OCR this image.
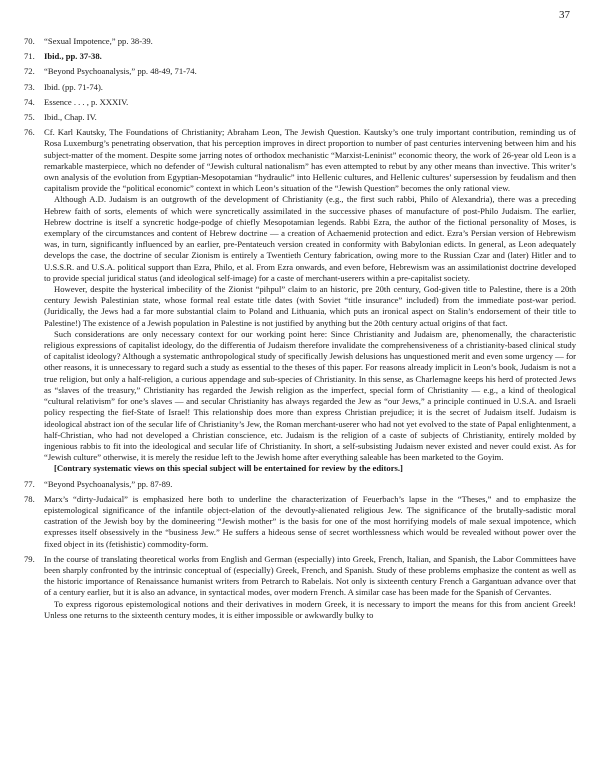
37
70.	“Sexual Impotence,” pp. 38-39.

71.	Ibid., pp. 37-38.

72.	“Beyond Psychoanalysis,” pp. 48-49, 71-74.

73.	Ibid. (pp. 71-74).

74.	Essence . . . , p. XXXIV.

75.	Ibid., Chap. IV.

76.	Cf. Karl Kautsky, The Foundations of Christianity; Abraham Leon, The Jewish Question. Kautsky’s one truly important contribution, reminding us of Rosa Luxemburg’s penetrating observation, that his perception improves in direct proportion to number of past centuries intervening between him and his subject-matter of the moment. Despite some jarring notes of orthodox mechanistic “Marxist-Leninist” economic theory, the work of 26-year old Leon is a remarkable masterpiece, which no defender of “Jewish cultural nationalism” has even attempted to rebut by any other means than invective. This writer’s own analysis of the evolution from Egyptian-Mesopotamian “hydraulic” into Hellenic cultures, and Hellenic cultures’ supersession by feudalism and then capitalism provide the “political economic” context in which Leon’s situation of the “Jewish Question” becomes the only rational view.

Although A.D. Judaism is an outgrowth of the development of Christianity (e.g., the first such rabbi, Philo of Alexandria), there was a preceding Hebrew faith of sorts, elements of which were syncretically assimilated in the successive phases of manufacture of post-Philo Judaism. The earlier, Hebrew doctrine is itself a syncretic hodge-podge of chiefly Mesopotamian legends. Rabbi Ezra, the author of the fictional personality of Moses, is exemplary of the circumstances and content of Hebrew doctrine — a creation of Achaemenid protection and edict. Ezra’s Persian version of Hebrewism was, in turn, significantly influenced by an earlier, pre-Pentateuch version created in conformity with Babylonian edicts. In general, as Leon adequately develops the case, the doctrine of secular Zionism is entirely a Twentieth Century fabrication, owing more to the Russian Czar and (later) Hitler and to U.S.S.R. and U.S.A. political support than Ezra, Philo, et al. From Ezra onwards, and even before, Hebrewism was an assimilationist doctrine developed to provide special juridical status (and ideological self-image) for a caste of merchant-userers within a pre-capitalist society.

However, despite the hysterical imbecility of the Zionist “pihpul” claim to an historic, pre 20th century, God-given title to Palestine, there is a 20th century Jewish Palestinian state, whose formal real estate title dates (with Soviet “title insurance” included) from the immediate post-war period. (Juridically, the Jews had a far more substantial claim to Poland and Lithuania, which puts an ironical aspect on Stalin’s endorsement of their title to Palestine!) The existence of a Jewish population in Palestine is not justified by anything but the 20th century actual origins of that fact.

Such considerations are only necessary context for our working point here: Since Christianity and Judaism are, phenomenally, the characteristic religious expressions of capitalist ideology, do the differentia of Judaism therefore invalidate the comprehensiveness of a christianity-based clinical study of capitalist ideology? Although a systematic anthropological study of specifically Jewish delusions has unquestioned merit and even some urgency — for other reasons, it is unnecessary to regard such a study as essential to the theses of this paper. For reasons already implicit in Leon’s book, Judaism is not a true religion, but only a half-religion, a curious appendage and sub-species of Christianity. In this sense, as Charlemagne keeps his herd of protected Jews as “slaves of the treasury,” Christianity has regarded the Jewish religion as the imperfect, special form of Christianity — e.g., a kind of theological “cultural relativism” for one’s slaves — and secular Christianity has always regarded the Jew as “our Jews,” a principle continued in U.S.A. and Israeli policy respecting the fief-State of Israel! This relationship does more than express Christian prejudice; it is the secret of Judaism itself. Judaism is ideological abstract ion of the secular life of Christianity’s Jew, the Roman merchant-userer who had not yet evolved to the state of Papal enlightenment, a half-Christian, who had not developed a Christian conscience, etc. Judaism is the religion of a caste of subjects of Christianity, entirely molded by ingenious rabbis to fit into the ideological and secular life of Christianity. In short, a self-subsisting Judaism never existed and never could exist. As for “Jewish culture” otherwise, it is merely the residue left to the Jewish home after everything saleable has been marketed to the Goyim.

[Contrary systematic views on this special subject will be entertained for review by the editors.]

77.	“Beyond Psychoanalysis,” pp. 87-89.

78.	Marx’s “dirty-Judaical” is emphasized here both to underline the characterization of Feuerbach’s lapse in the “Theses,” and to emphasize the epistemological significance of the infantile object-elation of the devoutly-alienated religious Jew. The significance of the brutally-sadistic moral castration of the Jewish boy by the domineering “Jewish mother” is the basis for one of the most horrifying models of male sexual impotence, which expresses itself obsessively in the “business Jew.” He suffers a hideous sense of secret worthlessness which would be revealed without power over the fixed object in its (fetishistic) commodity-form.

79.	In the course of translating theoretical works from English and German (especially) into Greek, French, Italian, and Spanish, the Labor Committees have been sharply confronted by the intrinsic conceptual of (especially) Greek, French, and Spanish. Study of these problems emphasize the content as well as the historic importance of Renaissance humanist writers from Petrarch to Rabelais. Not only is sixteenth century French a Gargantuan advance over that of a century earlier, but it is also an advance, in syntactical modes, over modern French. A similar case has been made for the Spanish of Cervantes.

To express rigorous epistemological notions and their derivatives in modern Greek, it is necessary to import the means for this from ancient Greek! Unless one returns to the sixteenth century modes, it is either impossible or awkwardly bulky to
